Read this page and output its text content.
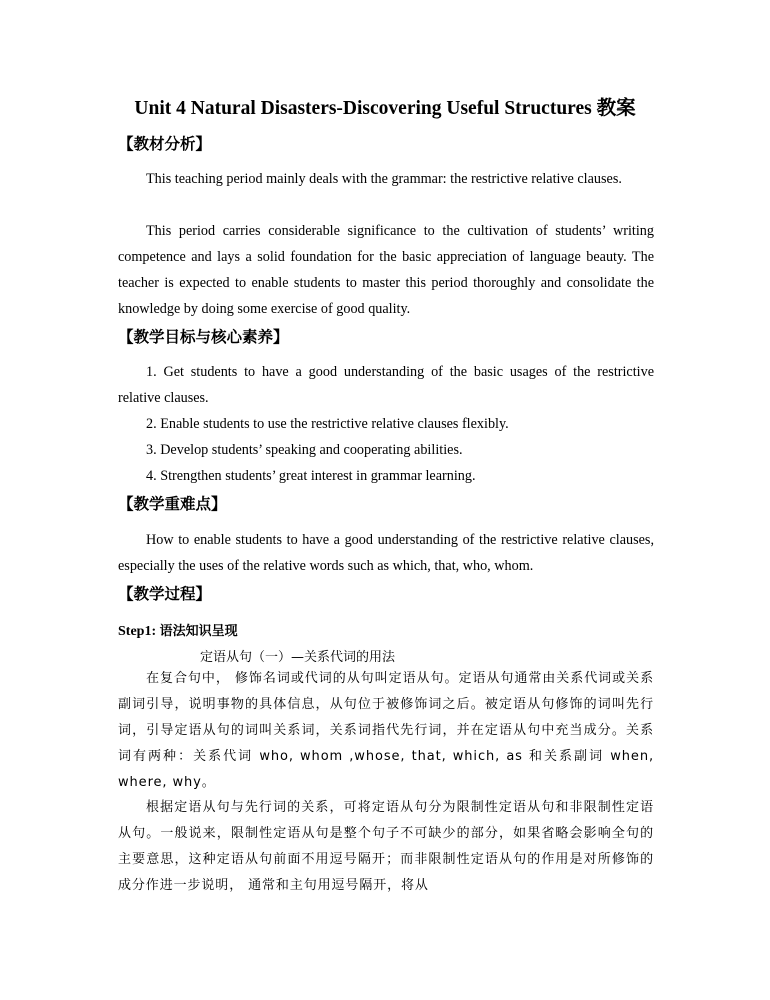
Unit 4 Natural Disasters-Discovering Useful Structures 教案
【教材分析】

This teaching period mainly deals with the grammar: the restrictive relative clauses.

This period carries considerable significance to the cultivation of students’ writing competence and lays a solid foundation for the basic appreciation of language beauty. The teacher is expected to enable students to master this period thoroughly and consolidate the knowledge by doing some exercise of good quality.

【教学目标与核心素养】

1. Get students to have a good understanding of the basic usages of the restrictive relative clauses.

2. Enable students to use the restrictive relative clauses flexibly.

3. Develop students’ speaking and cooperating abilities.

4. Strengthen students’ great interest in grammar learning.

【教学重难点】

How to enable students to have a good understanding of the restrictive relative clauses, especially the uses of the relative words such as which, that, who, whom.

【教学过程】

Step1: 语法知识呈现

定语从句（一）—关系代词的用法

在复合句中， 修饰名词或代词的从句叫定语从句。定语从句通常由关系代词或关系副词引导，说明事物的具体信息，从句位于被修饰词之后。被定语从句修饰的词叫先行词，引导定语从句的词叫关系词，关系词指代先行词，并在定语从句中充当成分。关系词有两种：关系代词 who, whom ,whose, that, which, as 和关系副词 when, where, why。

根据定语从句与先行词的关系，可将定语从句分为限制性定语从句和非限制性定语从句。一般说来，限制性定语从句是整个句子不可缺少的部分，如果省略会影响全句的主要意思，这种定语从句前面不用逗号隔开；而非限制性定语从句的作用是对所修饰的成分作进一步说明， 通常和主句用逗号隔开，将从
